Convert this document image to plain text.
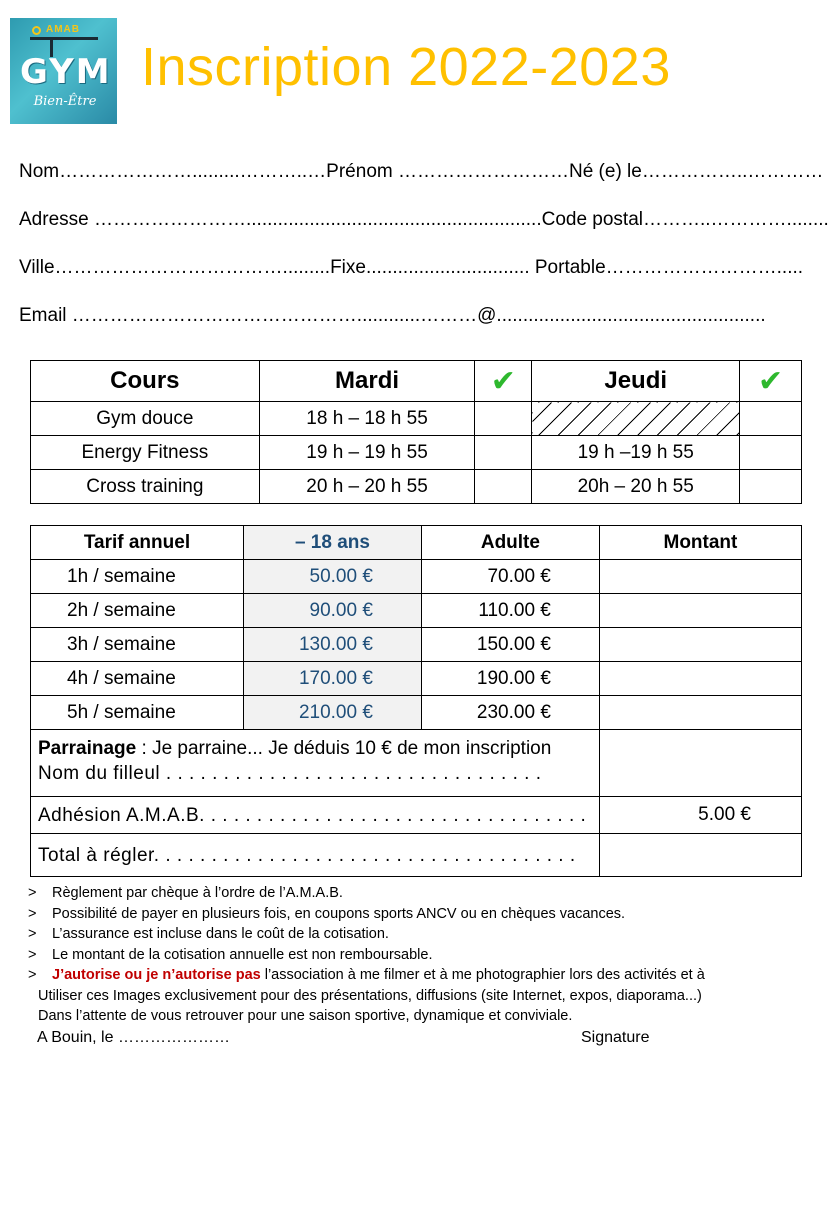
AMAB
GYM
Bien-Être
Inscription 2022-2023
Nom………………….........………..…Prénom ………………………Né (e) le……………..…………
Adresse ……………………........................................................Code postal………..…………........
Ville……………………………….........Fixe............................... Portable……………………….....
Email ………………………………………............………@...................................................
Cours	Mardi	✔	Jeudi	✔
Gym douce	18 h – 18 h 55			
Energy Fitness	19 h – 19 h 55		19 h –19 h 55	
Cross training	20 h – 20 h 55		20h – 20 h 55	
Tarif annuel	– 18 ans	Adulte	Montant
1h / semaine	50.00 €	70.00 €	
2h / semaine	90.00 €	110.00 €	
3h / semaine	130.00 €	150.00 €	
4h / semaine	170.00 €	190.00 €	
5h / semaine	210.00 €	230.00 €	

Parrainage : Je parraine... Je déduis 10 € de mon inscription
Nom du filleul . . . . . . . . . . . . . . . . . . . . . . . . . . . . . . . . .			

Adhésion A.M.A.B. . . . . . . . . . . . . . . . . . . . . . . . . . . . . . . . . .			5.00 €
Total à régler. . . . . . . . . . . . . . . . . . . . . . . . . . . . . . . . . . . . .			
> Règlement par chèque à l’ordre de l’A.M.A.B.
> Possibilité de payer en plusieurs fois, en coupons sports ANCV ou en chèques vacances.
> L’assurance est incluse dans le coût de la cotisation.
> Le montant de la cotisation annuelle est non remboursable.
> J’autorise ou je n’autorise pas l’association à me filmer et à me photographier lors des activités et à
Utiliser ces Images exclusivement pour des présentations, diffusions (site Internet, expos, diaporama...)
Dans l’attente de vous retrouver pour une saison sportive, dynamique et conviviale.
A Bouin, le …………………	Signature
